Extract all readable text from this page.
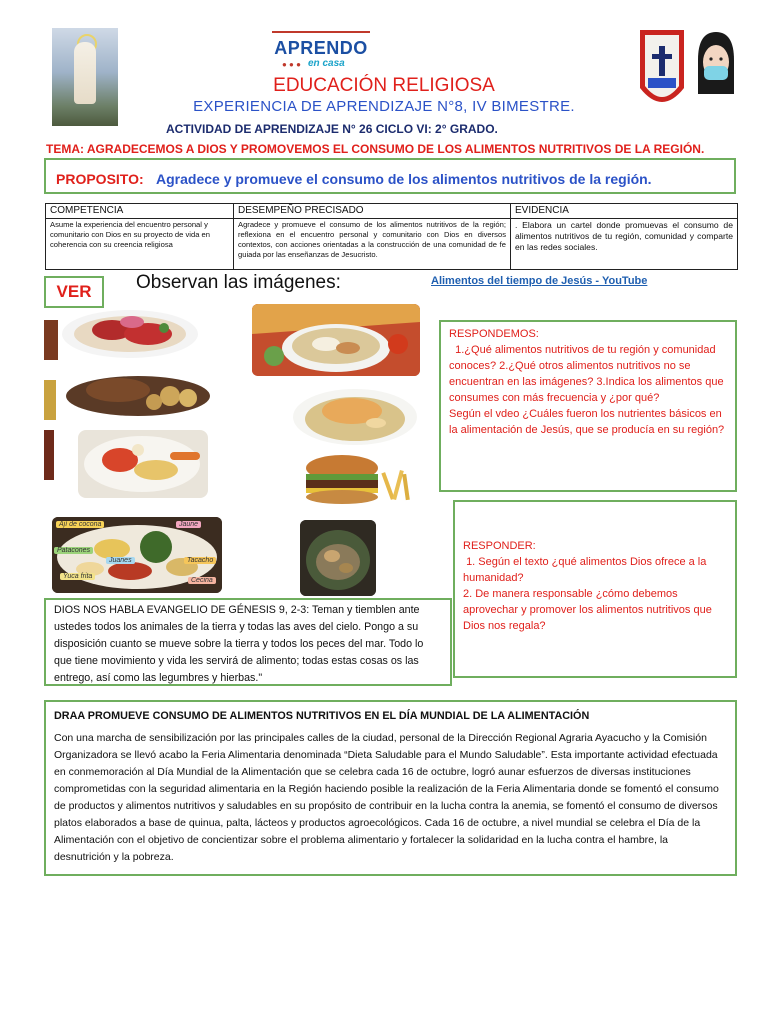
APRENDO
● ● ● en casa
EDUCACIÓN RELIGIOSA
EXPERIENCIA DE APRENDIZAJE N°8, IV BIMESTRE.
ACTIVIDAD DE APRENDIZAJE N° 26 CICLO VI: 2° GRADO.
TEMA: AGRADECEMOS A DIOS Y PROMOVEMOS EL CONSUMO DE LOS ALIMENTOS NUTRITIVOS DE LA REGIÓN.
PROPOSITO: Agradece y promueve el consumo de los alimentos nutritivos de la región.
COMPETENCIA	DESEMPEÑO PRECISADO	EVIDENCIA
Asume la experiencia del encuentro personal y comunitario con Dios en su proyecto de vida en coherencia con su creencia religiosa	Agradece y promueve el consumo de los alimentos nutritivos de la región; reflexiona en el encuentro personal y comunitario con Dios en diversos contextos, con acciones orientadas a la construcción de una comunidad de fe guiada por las enseñanzas de Jesucristo.	. Elabora un cartel donde promuevas el consumo de alimentos nutritivos de tu región, comunidad y comparte en las redes sociales.
VER	Observan las imágenes:	Alimentos del tiempo de Jesús - YouTube
Ají de cocona	Jaune
Patacones
Tacacho
Juanes
Yuca frita
Cecina
RESPONDEMOS:
1.¿Qué alimentos nutritivos de tu región y comunidad conoces? 2.¿Qué otros alimentos nutritivos no se encuentran en las imágenes? 3.Indica los alimentos que consumes con más frecuencia y ¿por qué?
Según el vdeo ¿Cuáles fueron los nutrientes básicos en la alimentación de Jesús, que se producía en su región?
RESPONDER:
1. Según el texto ¿qué alimentos Dios ofrece a la humanidad?
2. De manera responsable ¿cómo debemos aprovechar y promover los alimentos nutritivos que Dios nos regala?
DIOS NOS HABLA EVANGELIO DE GÉNESIS 9, 2-3: Teman y tiemblen ante ustedes todos los animales de la tierra y todas las aves del cielo. Pongo a su disposición cuanto se mueve sobre la tierra y todos los peces del mar. Todo lo que tiene movimiento y vida les servirá de alimento; todas estas cosas os las entrego, así como las legumbres y hierbas."
DRAA PROMUEVE CONSUMO DE ALIMENTOS NUTRITIVOS EN EL DÍA MUNDIAL DE LA ALIMENTACIÓN
Con una marcha de sensibilización por las principales calles de la ciudad, personal de la Dirección Regional Agraria Ayacucho y la Comisión Organizadora se llevó acabo la Feria Alimentaria denominada “Dieta Saludable para el Mundo Saludable”. Esta importante actividad efectuada en conmemoración al Día Mundial de la Alimentación que se celebra cada 16 de octubre, logró aunar esfuerzos de diversas instituciones comprometidas con la seguridad alimentaria en la Región haciendo posible la realización de la Feria Alimentaria donde se fomentó el consumo de productos y alimentos nutritivos y saludables en su propósito de contribuir en la lucha contra la anemia, se fomentó el consumo de diversos platos elaborados a base de quinua, palta, lácteos y productos agroecológicos. Cada 16 de octubre, a nivel mundial se celebra el Día de la Alimentación con el objetivo de concientizar sobre el problema alimentario y fortalecer la solidaridad en la lucha contra el hambre, la desnutrición y la pobreza.
